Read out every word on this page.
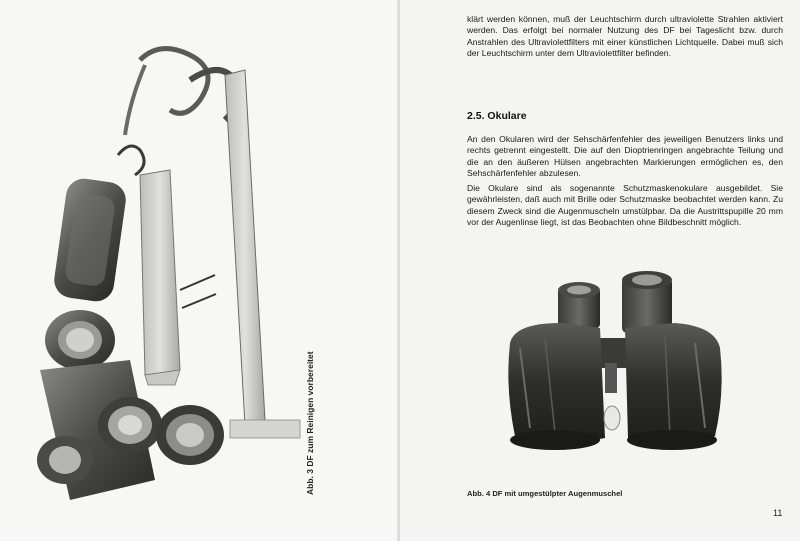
Abb. 3 DF zum Reinigen vorbereitet
klärt werden können, muß der Leuchtschirm durch ultraviolette Strahlen aktiviert werden. Das erfolgt bei normaler Nutzung des DF bei Tageslicht bzw. durch Anstrahlen des Ultraviolettfilters mit einer künstlichen Lichtquelle. Dabei muß sich der Leuchtschirm unter dem Ultraviolettfilter befinden.
2.5. Okulare
An den Okularen wird der Sehschärfenfehler des jeweiligen Benutzers links und rechts getrennt eingestellt. Die auf den Dioptrienringen angebrachte Teilung und die an den äußeren Hülsen angebrachten Markierungen ermöglichen es, den Sehschärfenfehler abzulesen.
Die Okulare sind als sogenannte Schutzmaskenokulare ausgebildet. Sie gewährleisten, daß auch mit Brille oder Schutzmaske beobachtet werden kann. Zu diesem Zweck sind die Augenmuscheln umstülpbar. Da die Austrittspupille 20 mm vor der Augenlinse liegt, ist das Beobachten ohne Bildbeschnitt möglich.
Abb. 4 DF mit umgestülpter Augenmuschel
11
